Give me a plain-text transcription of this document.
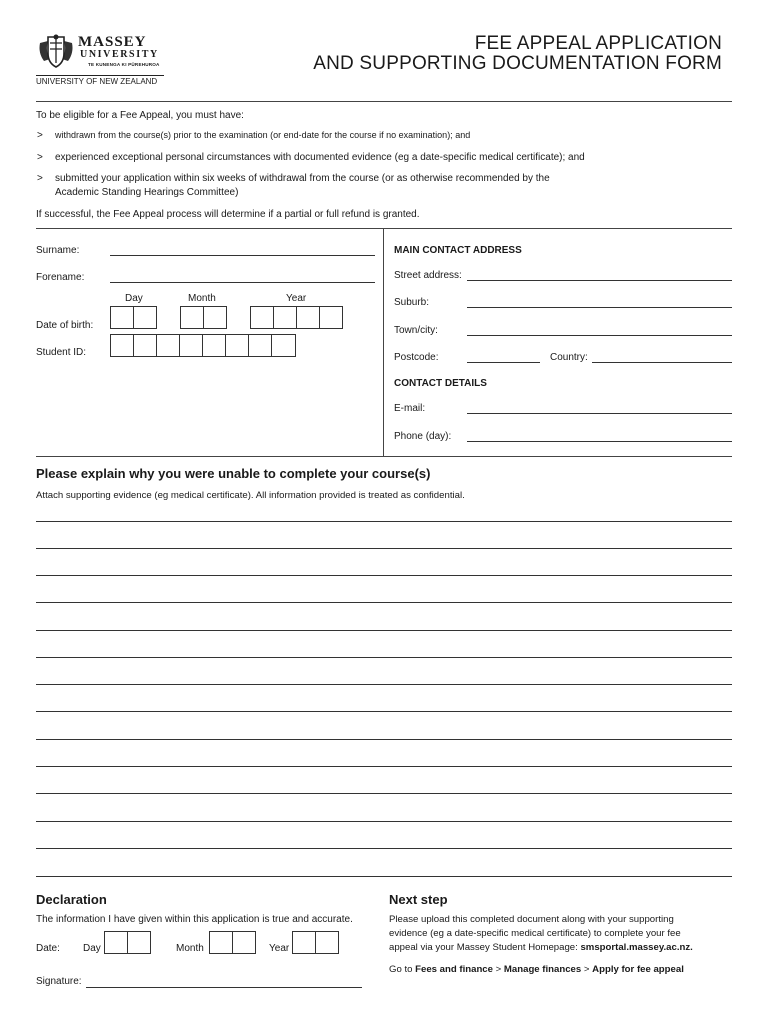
MASSEY
UNIVERSITY
TE KUNENGA KI PŪREHUROA
UNIVERSITY OF NEW ZEALAND
FEE APPEAL APPLICATION
AND SUPPORTING DOCUMENTATION FORM
To be eligible for a Fee Appeal, you must have:
> withdrawn from the course(s) prior to the examination (or end-date for the course if no examination); and
> experienced exceptional personal circumstances with documented evidence (eg a date-specific medical certificate); and
> submitted your application within six weeks of withdrawal from the course (or as otherwise recommended by the
Academic Standing Hearings Committee)
If successful, the Fee Appeal process will determine if a partial or full refund is granted.
Surname:
Forename:
Day	Month	Year
Date of birth:
Student ID:
MAIN CONTACT ADDRESS
Street address:
Suburb:
Town/city:
Postcode:	Country:
CONTACT DETAILS
E-mail:
Phone (day):
Please explain why you were unable to complete your course(s)
Attach supporting evidence (eg medical certificate). All information provided is treated as confidential.
Declaration
The information I have given within this application is true and accurate.
Date: Day	Month	Year
Signature:
Next step
Please upload this completed document along with your supporting
evidence (eg a date-specific medical certificate) to complete your fee
appeal via your Massey Student Homepage: smsportal.massey.ac.nz.
Go to Fees and finance > Manage finances > Apply for fee appeal
